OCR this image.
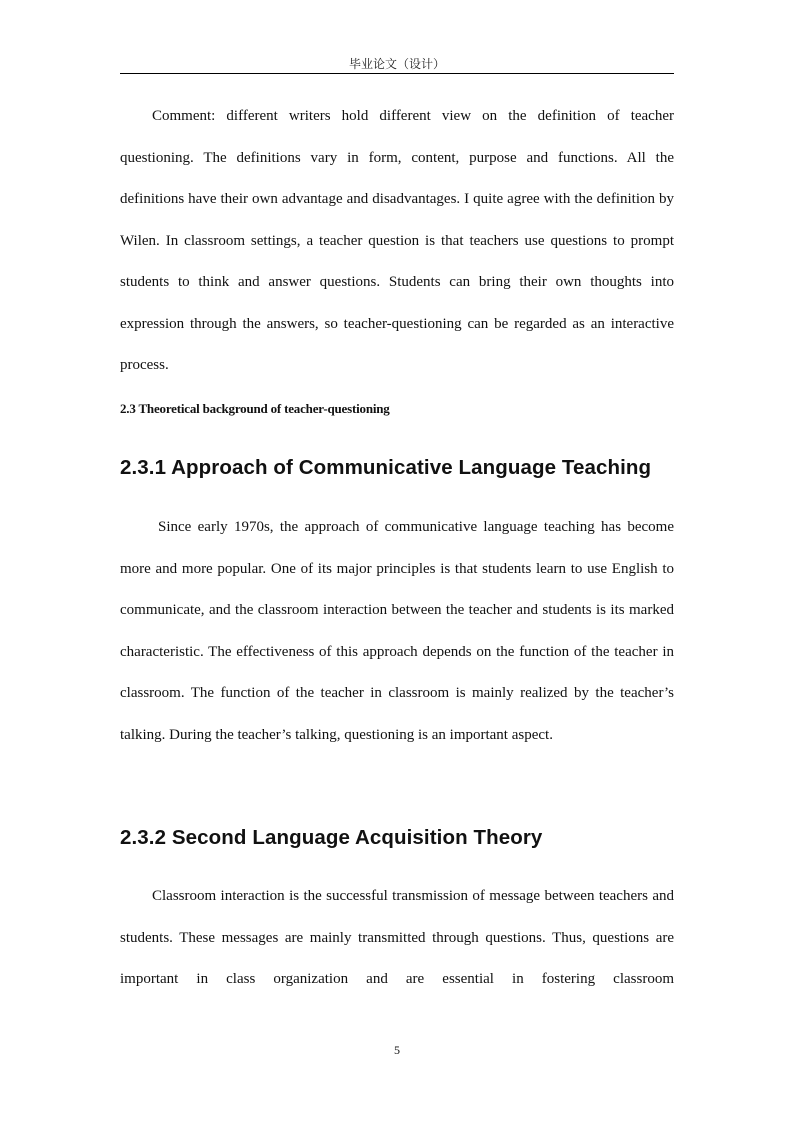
毕业论文（设计）

Comment: different writers hold different view on the definition of teacher questioning. The definitions vary in form, content, purpose and functions. All the definitions have their own advantage and disadvantages. I quite agree with the definition by Wilen. In classroom settings, a teacher question is that teachers use questions to prompt students to think and answer questions. Students can bring their own thoughts into expression through the answers, so teacher-questioning can be regarded as an interactive process.

2.3 Theoretical background of teacher-questioning

2.3.1 Approach of Communicative Language Teaching

Since early 1970s, the approach of communicative language teaching has become more and more popular. One of its major principles is that students learn to use English to communicate, and the classroom interaction between the teacher and students is its marked characteristic. The effectiveness of this approach depends on the function of the teacher in classroom. The function of the teacher in classroom is mainly realized by the teacher’s talking. During the teacher’s talking, questioning is an important aspect.

2.3.2 Second Language Acquisition Theory

Classroom interaction is the successful transmission of message between teachers and students. These messages are mainly transmitted through questions. Thus, questions are important in class organization and are essential in fostering classroom

5
